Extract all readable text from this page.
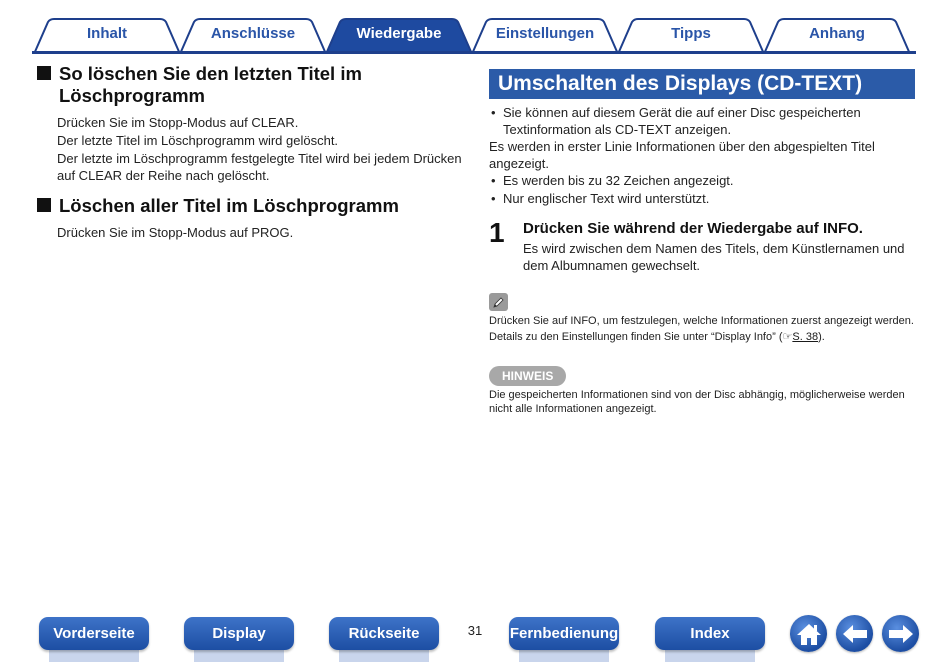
Inhalt	Anschlüsse	Wiedergabe	Einstellungen	Tipps	Anhang
So löschen Sie den letzten Titel im Löschprogramm

Drücken Sie im Stopp-Modus auf CLEAR.

Der letzte Titel im Löschprogramm wird gelöscht.

Der letzte im Löschprogramm festgelegte Titel wird bei jedem Drücken auf CLEAR der Reihe nach gelöscht.

Löschen aller Titel im Löschprogramm

Drücken Sie im Stopp-Modus auf PROG.

Umschalten des Displays (CD-TEXT)
• Sie können auf diesem Gerät die auf einer Disc gespeicherten Textinformation als CD-TEXT anzeigen.
Es werden in erster Linie Informationen über den abgespielten Titel angezeigt.
• Es werden bis zu 32 Zeichen angezeigt.
• Nur englischer Text wird unterstützt.
1	Drücken Sie während der Wiedergabe auf INFO.
Es wird zwischen dem Namen des Titels, dem Künstlernamen und dem Albumnamen gewechselt.

Drücken Sie auf INFO, um festzulegen, welche Informationen zuerst angezeigt werden.

Details zu den Einstellungen finden Sie unter “Display Info” (☞S. 38).

HINWEIS
Die gespeicherten Informationen sind von der Disc abhängig, möglicherweise werden nicht alle Informationen angezeigt.
Vorderseite	Display	Rückseite	31	Fernbedienung	Index
